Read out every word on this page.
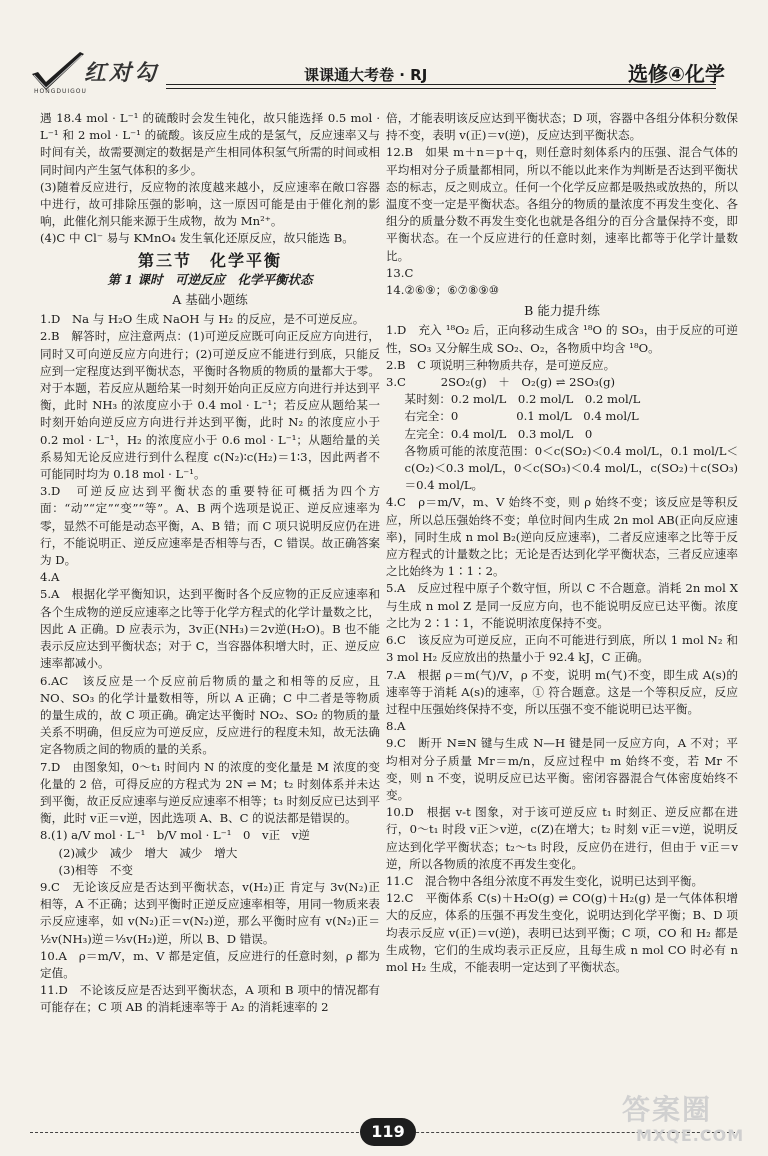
红对勾
HONGDUIGOU
课课通大考卷 · RJ	选修④化学

遇 18.4 mol · L⁻¹ 的硫酸时会发生钝化，故只能选择 0.5 mol · L⁻¹ 和 2 mol · L⁻¹ 的硫酸。该反应生成的是氢气，反应速率又与时间有关，故需要测定的数据是产生相同体积氢气所需的时间或相同时间内产生氢气体积的多少。

(3)随着反应进行，反应物的浓度越来越小，反应速率在敞口容器中进行，故可排除压强的影响，这一原因可能是由于催化剂的影响，此催化剂只能来源于生成物，故为 Mn²⁺。

(4)C 中 Cl⁻ 易与 KMnO₄ 发生氧化还原反应，故只能选 B。

第三节　化学平衡
第 1 课时　可逆反应　化学平衡状态
A 基础小题练

1.D　Na 与 H₂O 生成 NaOH 与 H₂ 的反应，是不可逆反应。

2.B　解答时，应注意两点：(1)可逆反应既可向正反应方向进行，同时又可向逆反应方向进行；(2)可逆反应不能进行到底，只能反应到一定程度达到平衡状态，平衡时各物质的物质的量都大于零。对于本题，若反应从题给某一时刻开始向正反应方向进行并达到平衡，此时 NH₃ 的浓度应小于 0.4 mol · L⁻¹；若反应从题给某一时刻开始向逆反应方向进行并达到平衡，此时 N₂ 的浓度应小于 0.2 mol · L⁻¹，H₂ 的浓度应小于 0.6 mol · L⁻¹；从题给量的关系易知无论反应进行到什么程度 c(N₂)∶c(H₂)＝1∶3，因此两者不可能同时均为 0.18 mol · L⁻¹。

3.D　可逆反应达到平衡状态的重要特征可概括为四个方面：“动”“定”“变”“等”。A、B 两个选项是说正、逆反应速率为零，显然不可能是动态平衡，A、B 错；而 C 项只说明反应仍在进行，不能说明正、逆反应速率是否相等与否，C 错误。故正确答案为 D。

4.A

5.A　根据化学平衡知识，达到平衡时各个反应物的正反应速率和各个生成物的逆反应速率之比等于化学方程式的化学计量数之比，因此 A 正确。D 应表示为，3v正(NH₃)＝2v逆(H₂O)。B 也不能表示反应达到平衡状态；对于 C，当容器体积增大时，正、逆反应速率都减小。

6.AC　该反应是一个反应前后物质的量之和相等的反应，且 NO、SO₃ 的化学计量数相等，所以 A 正确；C 中二者是等物质的量生成的，故 C 项正确。确定达平衡时 NO₂、SO₂ 的物质的量关系不明确，但反应为可逆反应，反应进行的程度未知，故无法确定各物质之间的物质的量的关系。

7.D　由图象知，0～t₁ 时间内 N 的浓度的变化量是 M 浓度的变化量的 2 倍，可得反应的方程式为 2N ⇌ M；t₂ 时刻体系并未达到平衡，故正反应速率与逆反应速率不相等；t₃ 时刻反应已达到平衡，此时 v正＝v逆，因此选项 A、B、C 的说法都是错误的。

8.(1) a/V mol · L⁻¹　b/V mol · L⁻¹　0　v正　v逆

(2)减少　减少　增大　减少　增大

(3)相等　不变

9.C　无论该反应是否达到平衡状态，v(H₂)正 肯定与 3v(N₂)正 相等，A 不正确；达到平衡时正逆反应速率相等，用同一物质来表示反应速率，如 v(N₂)正＝v(N₂)逆，那么平衡时应有 v(N₂)正＝½v(NH₃)逆＝⅓v(H₂)逆，所以 B、D 错误。

10.A　ρ＝m/V，m、V 都是定值，反应进行的任意时刻，ρ 都为定值。

11.D　不论该反应是否达到平衡状态，A 项和 B 项中的情况都有可能存在；C 项 AB 的消耗速率等于 A₂ 的消耗速率的 2

倍，才能表明该反应达到平衡状态；D 项，容器中各组分体积分数保持不变，表明 v(正)＝v(逆)，反应达到平衡状态。

12.B　如果 m＋n＝p＋q，则任意时刻体系内的压强、混合气体的平均相对分子质量都相同，所以不能以此来作为判断是否达到平衡状态的标志，反之则成立。任何一个化学反应都是吸热或放热的，所以温度不变一定是平衡状态。各组分的物质的量浓度不再发生变化、各组分的质量分数不再发生变化也就是各组分的百分含量保持不变，即平衡状态。在一个反应进行的任意时刻，速率比都等于化学计量数比。

13.C

14.②⑥⑨；⑥⑦⑧⑨⑩

B 能力提升练

1.D　充入 ¹⁸O₂ 后，正向移动生成含 ¹⁸O 的 SO₃，由于反应的可逆性，SO₃ 又分解生成 SO₂、O₂，各物质中均含 ¹⁸O。

2.B　C 项说明三种物质共存，是可逆反应。

3.C　　　2SO₂(g)　＋　O₂(g) ⇌ 2SO₃(g)

某时刻：0.2 mol/L　0.2 mol/L　0.2 mol/L

右完全：0　　　　　0.1 mol/L　0.4 mol/L

左完全：0.4 mol/L　0.3 mol/L　0

各物质可能的浓度范围：0＜c(SO₂)＜0.4 mol/L，0.1 mol/L＜c(O₂)＜0.3 mol/L，0＜c(SO₃)＜0.4 mol/L，c(SO₂)＋c(SO₃)＝0.4 mol/L。

4.C　ρ＝m/V，m、V 始终不变，则 ρ 始终不变；该反应是等积反应，所以总压强始终不变；单位时间内生成 2n mol AB(正向反应速率)，同时生成 n mol B₂(逆向反应速率)，二者反应速率之比等于反应方程式的计量数之比；无论是否达到化学平衡状态，三者反应速率之比始终为 1∶1∶2。

5.A　反应过程中原子个数守恒，所以 C 不合题意。消耗 2n mol X 与生成 n mol Z 是同一反应方向，也不能说明反应已达平衡。浓度之比为 2∶1∶1，不能说明浓度保持不变。

6.C　该反应为可逆反应，正向不可能进行到底，所以 1 mol N₂ 和 3 mol H₂ 反应放出的热量小于 92.4 kJ，C 正确。

7.A　根据 ρ＝m(气)/V，ρ 不变，说明 m(气)不变，即生成 A(s)的速率等于消耗 A(s)的速率，① 符合题意。这是一个等积反应，反应过程中压强始终保持不变，所以压强不变不能说明已达平衡。

8.A

9.C　断开 N≡N 键与生成 N—H 键是同一反应方向，A 不对；平均相对分子质量 Mr＝m/n，反应过程中 m 始终不变，若 Mr 不变，则 n 不变，说明反应已达平衡。密闭容器混合气体密度始终不变。

10.D　根据 v-t 图象，对于该可逆反应 t₁ 时刻正、逆反应都在进行，0～t₁ 时段 v正＞v逆，c(Z)在增大；t₂ 时刻 v正＝v逆，说明反应达到化学平衡状态；t₂～t₃ 时段，反应仍在进行，但由于 v正＝v逆，所以各物质的浓度不再发生变化。

11.C　混合物中各组分浓度不再发生变化，说明已达到平衡。

12.C　平衡体系 C(s)＋H₂O(g) ⇌ CO(g)＋H₂(g) 是一气体体积增大的反应，体系的压强不再发生变化，说明达到化学平衡；B、D 项均表示反应 v(正)＝v(逆)，表明已达到平衡；C 项，CO 和 H₂ 都是生成物，它们的生成均表示正反应，且每生成 n mol CO 时必有 n mol H₂ 生成，不能表明一定达到了平衡状态。

119
答案圈
MXQE.COM
